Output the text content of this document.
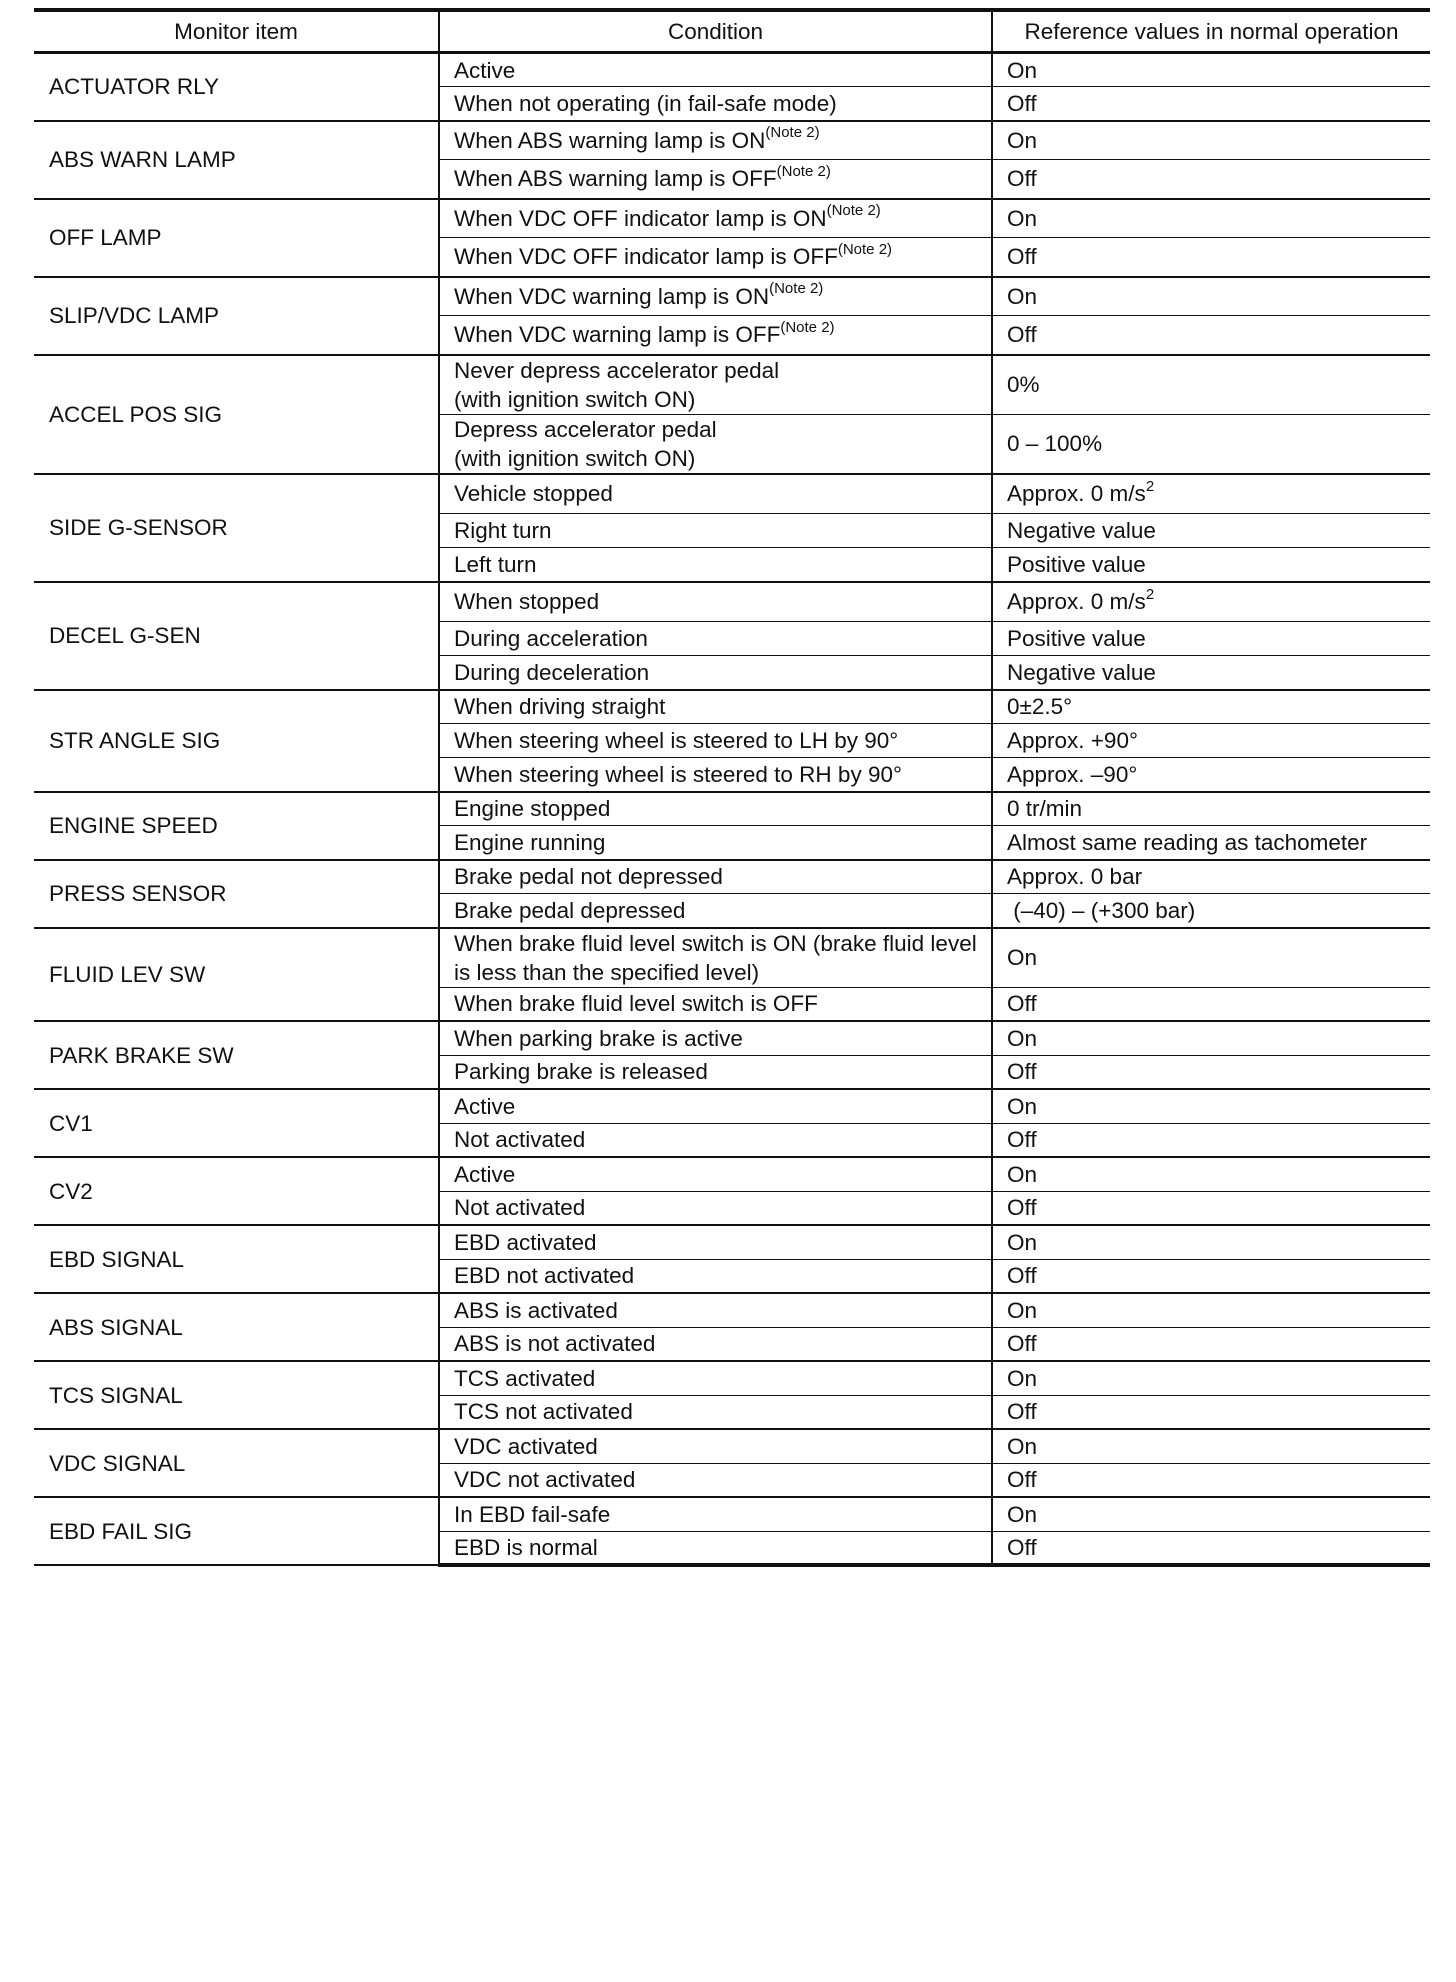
Monitor item	Condition	Reference values in normal operation
ACTUATOR RLY	Active	On

	When not operating (in fail-safe mode)	Off
ABS WARN LAMP	When ABS warning lamp is $ON^{(Note 2)}$	On

	When ABS warning lamp is $OFF^{(Note 2)}$	Off
OFF LAMP	When VDC OFF indicator lamp is $ON^{(Note 2)}$	On

	When VDC OFF indicator lamp is $OFF^{(Note 2)}$	Off
SLIP/VDC LAMP	When VDC warning lamp is $ON^{(Note 2)}$	On

	When VDC warning lamp is $OFF^{(Note 2)}$	Off
ACCEL POS SIG	Never depress accelerator pedal
(with ignition switch ON)	0%

	Depress accelerator pedal
(with ignition switch ON)	0 – 100%
SIDE G-SENSOR	Vehicle stopped	Approx. 0 $m/s^2$

	Right turn	Negative value

	Left turn	Positive value
DECEL G-SEN	When stopped	Approx. 0 $m/s^2$

	During acceleration	Positive value

	During deceleration	Negative value
STR ANGLE SIG	When driving straight	0±2.5°

	When steering wheel is steered to LH by 90°	Approx. +90°

	When steering wheel is steered to RH by 90°	Approx. –90°
ENGINE SPEED	Engine stopped	0 tr/min

	Engine running	Almost same reading as tachometer
PRESS SENSOR	Brake pedal not depressed	Approx. 0 bar

	Brake pedal depressed	(–40) – (+300 bar)
FLUID LEV SW	When brake fluid level switch is ON (brake fluid level
is less than the specified level)	On

	When brake fluid level switch is OFF	Off
PARK BRAKE SW	When parking brake is active	On

	Parking brake is released	Off
CV1	Active	On

	Not activated	Off
CV2	Active	On

	Not activated	Off
EBD SIGNAL	EBD activated	On

	EBD not activated	Off
ABS SIGNAL	ABS is activated	On

	ABS is not activated	Off
TCS SIGNAL	TCS activated	On

	TCS not activated	Off
VDC SIGNAL	VDC activated	On

	VDC not activated	Off
EBD FAIL SIG	In EBD fail-safe	On

	EBD is normal	Off
